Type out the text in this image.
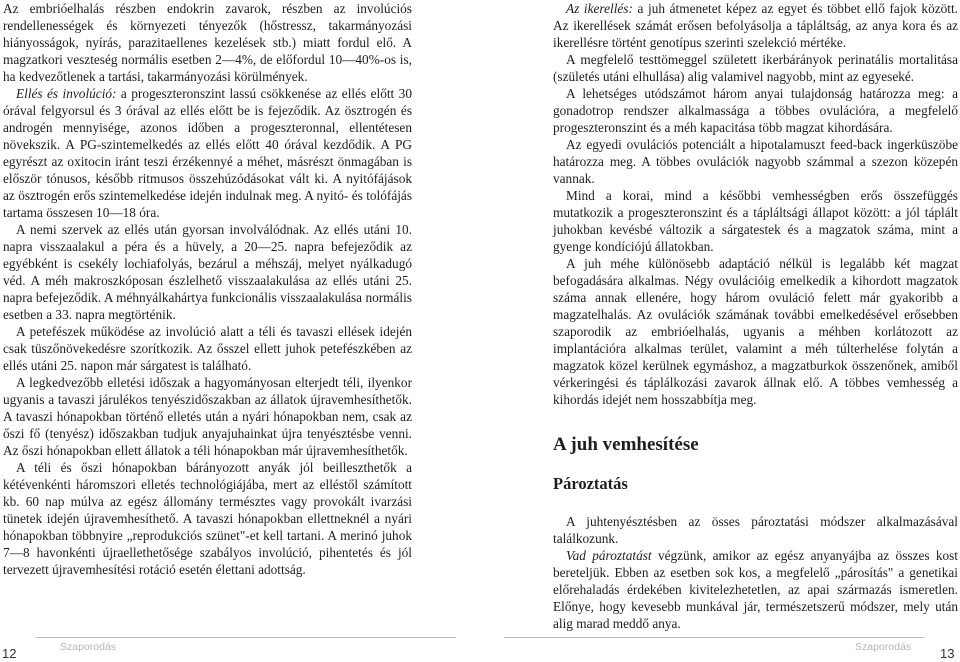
Az embrióelhalás részben endokrin zavarok, részben az involúciós rendellenességek és környezeti tényezők (hőstressz, takarmányozási hiányosságok, nyírás, parazitaellenes kezelések stb.) miatt fordul elő. A magzatkori veszteség normális esetben 2—4%, de előfordul 10—40%-os is, ha kedvezőtlenek a tartási, takarmányozási körülmények.

Ellés és involúció: a progeszteronszint lassú csökkenése az ellés előtt 30 órával felgyorsul és 3 órával az ellés előtt be is fejeződik. Az ösztrogén és androgén mennyisége, azonos időben a progeszteronnal, ellentétesen növekszik. A PG-szintemelkedés az ellés előtt 40 órával kezdődik. A PG egyrészt az oxitocin iránt teszi érzékennyé a méhet, másrészt önmagában is először tónusos, később ritmusos összehúzódásokat vált ki. A nyitófájások az ösztrogén erős szintemelkedése idején indulnak meg. A nyitó- és tolófájás tartama összesen 10—18 óra.

A nemi szervek az ellés után gyorsan involválódnak. Az ellés utáni 10. napra visszaalakul a péra és a hüvely, a 20—25. napra befejeződik az egyébként is csekély lochiafolyás, bezárul a méhszáj, melyet nyálkadugó véd. A méh makroszkóposan észlelhető visszaalakulása az ellés utáni 25. napra befejeződik. A méhnyálkahártya funkcionális visszaalakulása normális esetben a 33. napra megtörténik.

A petefészek működése az involúció alatt a téli és tavaszi ellések idején csak tüszőnövekedésre szorítkozik. Az ősszel ellett juhok petefészkében az ellés utáni 25. napon már sárgatest is található.

A legkedvezőbb elletési időszak a hagyományosan elterjedt téli, ilyenkor ugyanis a tavaszi járulékos tenyészidőszakban az állatok újravemhesíthetők. A tavaszi hónapokban történő elletés után a nyári hónapokban nem, csak az őszi fő (tenyész) időszakban tudjuk anyajuhainkat újra tenyésztésbe venni. Az őszi hónapokban ellett állatok a téli hónapokban már újravemhesíthetők.

A téli és őszi hónapokban bárányozott anyák jól beilleszthetők a kétévenkénti háromszori elletés technológiájába, mert az elléstől számított kb. 60 nap múlva az egész állomány természtes vagy provokált ivarzási tünetek idején újravemhesíthető. A tavaszi hónapokban ellettneknél a nyári hónapokban többnyire „reprodukciós szünet"-et kell tartani. A merinó juhok 7—8 havonkénti újraellethetősége szabályos involúció, pihentetés és jól tervezett újravemhesítési rotáció esetén élettani adottság.

Szaporodás
12

Az ikerellés: a juh átmenetet képez az egyet és többet ellő fajok között. Az ikerellések számát erősen befolyásolja a tápláltság, az anya kora és az ikerellésre történt genotípus szerinti szelekció mértéke.

A megfelelő testtömeggel született ikerbárányok perinatális mortalitása (születés utáni elhullása) alig valamivel nagyobb, mint az egyeseké.

A lehetséges utódszámot három anyai tulajdonság határozza meg: a gonadotrop rendszer alkalmassága a többes ovulációra, a megfelelő progeszteronszint és a méh kapacitása több magzat kihordására.

Az egyedi ovulációs potenciált a hipotalamuszt feed-back ingerküszöbe határozza meg. A többes ovulációk nagyobb számmal a szezon közepén vannak.

Mind a korai, mind a későbbi vemhességben erős összefüggés mutatkozik a progeszteronszint és a tápláltsági állapot között: a jól táplált juhokban kevésbé változik a sárgatestek és a magzatok száma, mint a gyenge kondíciójú állatokban.

A juh méhe különösebb adaptáció nélkül is legalább két magzat befogadására alkalmas. Négy ovulációig emelkedik a kihordott magzatok száma annak ellenére, hogy három ovuláció felett már gyakoribb a magzatelhalás. Az ovulációk számának további emelkedésével erősebben szaporodik az embrióelhalás, ugyanis a méhben korlátozott az implantációra alkalmas terület, valamint a méh túlterhelése folytán a magzatok közel kerülnek egymáshoz, a magzatburkok összenőnek, amiből vérkeringési és táplálkozási zavarok állnak elő. A többes vemhesség a kihordás idejét nem hosszabbítja meg.

A juh vemhesítése
Pároztatás

A juhtenyésztésben az össes pároztatási módszer alkalmazásával találkozunk.

Vad pároztatást végzünk, amikor az egész anyanyájba az összes kost bereteljük. Ebben az esetben sok kos, a megfelelő „párosítás" a genetikai előrehaladás érdekében kivitelezhetetlen, az apai származás ismeretlen. Előnye, hogy kevesebb munkával jár, természetszerű módszer, mely után alig marad meddő anya.

Szaporodás 13
